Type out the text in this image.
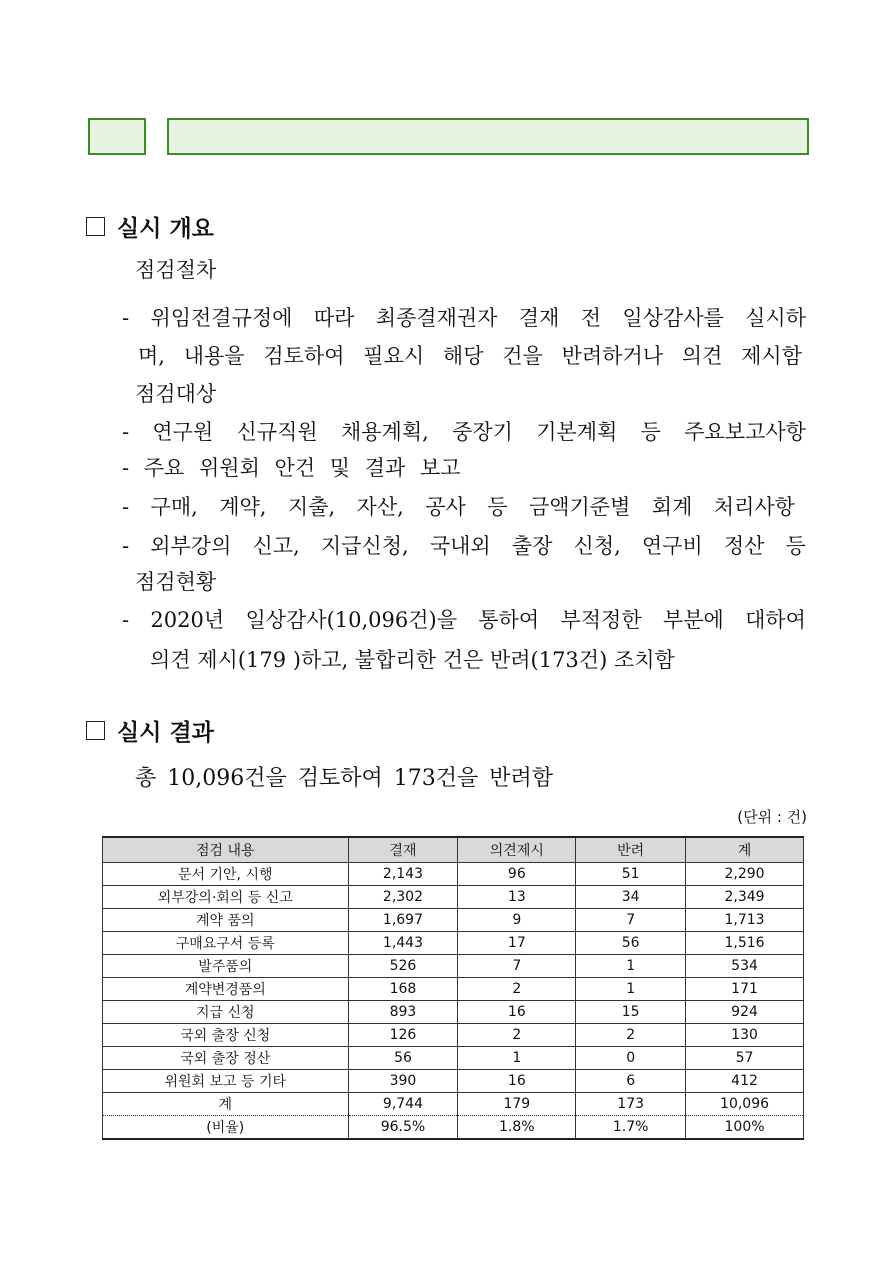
실시 개요
점검절차
- 위임전결규정에 따라 최종결재권자 결재 전 일상감사를 실시하
며, 내용을 검토하여 필요시 해당 건을 반려하거나 의견 제시함
점검대상
- 연구원 신규직원 채용계획, 중장기 기본계획 등 주요보고사항
- 주요 위원회 안건 및 결과 보고
- 구매, 계약, 지출, 자산, 공사 등 금액기준별 회계 처리사항
- 외부강의 신고, 지급신청, 국내외 출장 신청, 연구비 정산 등
점검현황
- 2020년 일상감사(10,096건)을 통하여 부적정한 부분에 대하여
의견 제시(179 )하고, 불합리한 건은 반려(173건) 조치함
실시 결과
총 10,096건을 검토하여 173건을 반려함
(단위 : 건)
점검 내용	결재	의견제시	반려	계
문서 기안, 시행	2,143	96	51	2,290
외부강의·회의 등 신고	2,302	13	34	2,349
계약 품의	1,697	9	7	1,713
구매요구서 등록	1,443	17	56	1,516
발주품의	526	7	1	534
계약변경품의	168	2	1	171
지급 신청	893	16	15	924
국외 출장 신청	126	2	2	130
국외 출장 정산	56	1	0	57
위원회 보고 등 기타	390	16	6	412
계	9,744	179	173	10,096
(비율)	96.5%	1.8%	1.7%	100%
